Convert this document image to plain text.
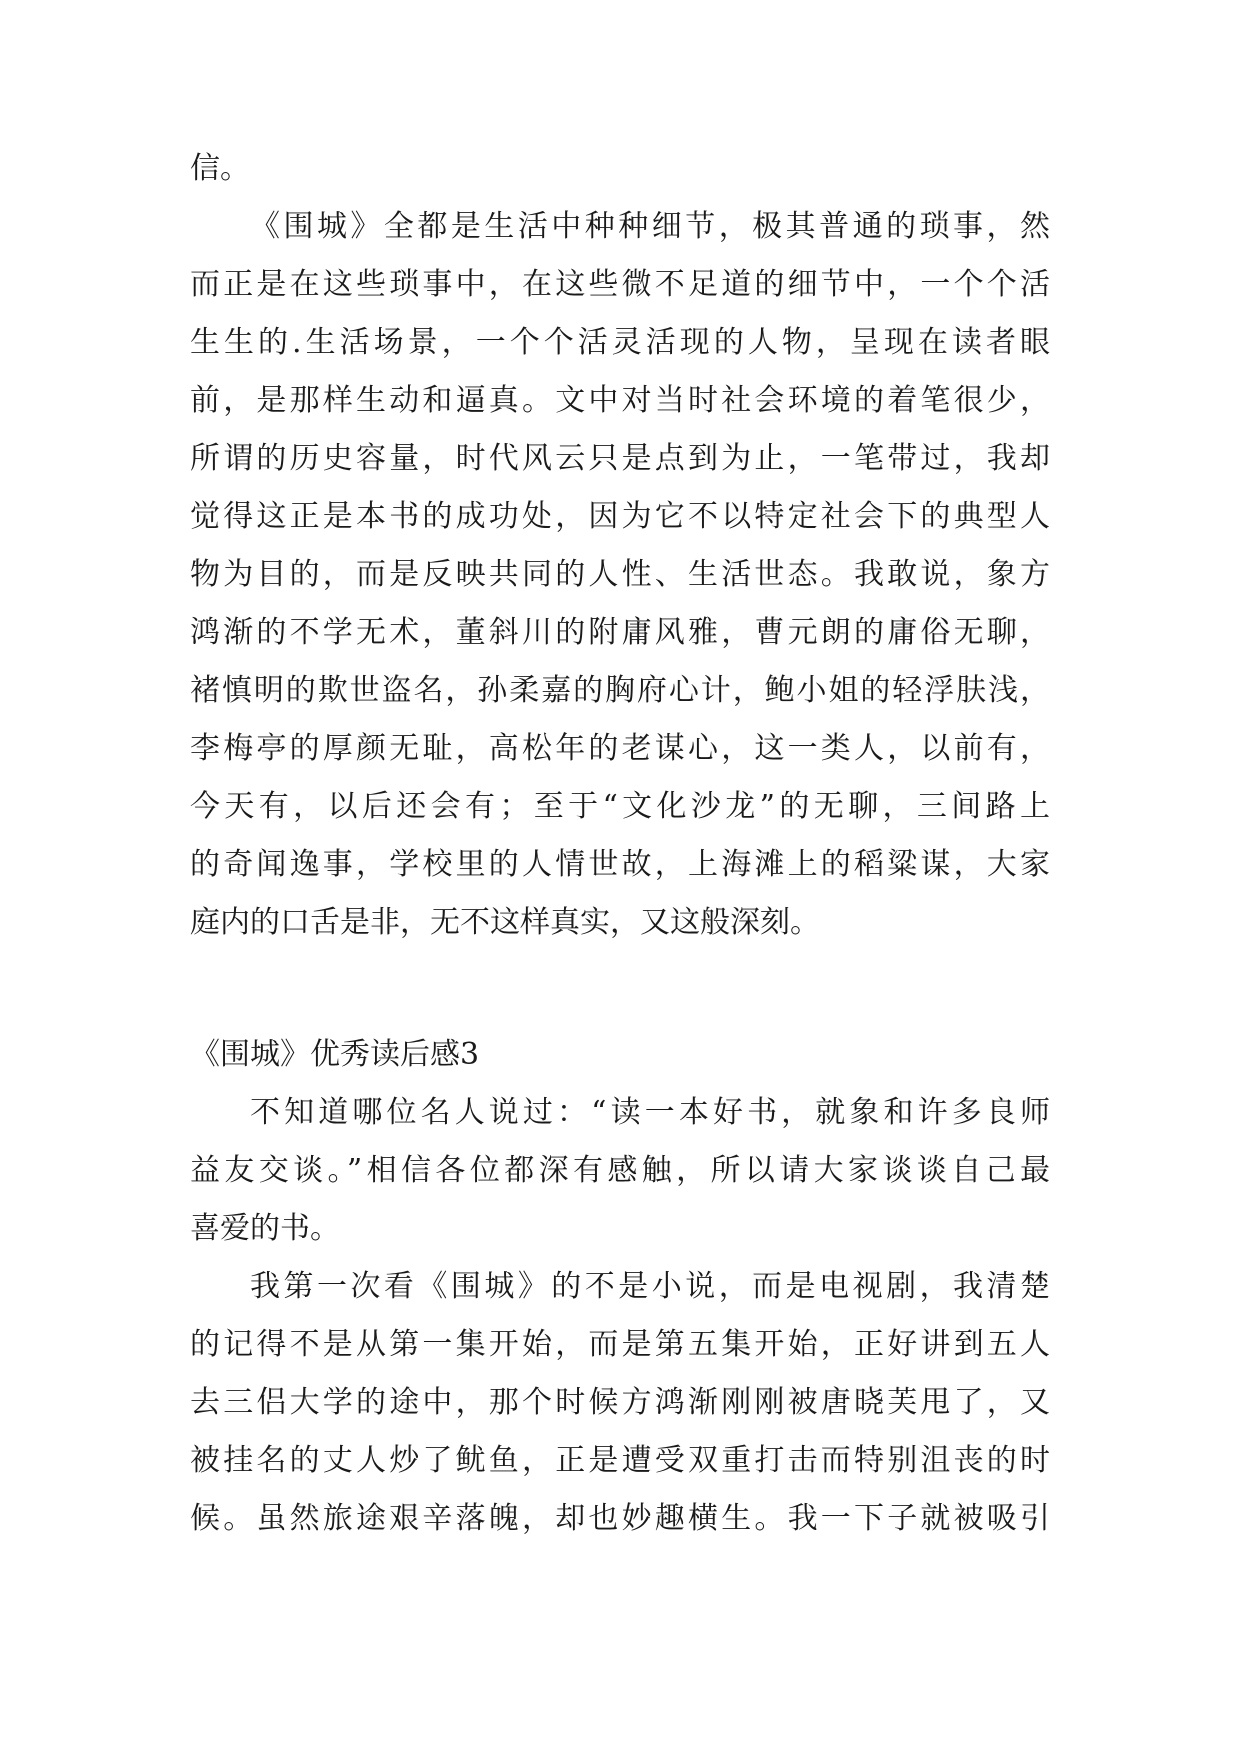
信。

《围城》全都是生活中种种细节，极其普通的琐事，然

而正是在这些琐事中，在这些微不足道的细节中，一个个活

生生的.生活场景，一个个活灵活现的人物，呈现在读者眼

前，是那样生动和逼真。文中对当时社会环境的着笔很少，

所谓的历史容量，时代风云只是点到为止，一笔带过，我却

觉得这正是本书的成功处，因为它不以特定社会下的典型人

物为目的，而是反映共同的人性、生活世态。我敢说，象方

鸿渐的不学无术，董斜川的附庸风雅，曹元朗的庸俗无聊，

褚慎明的欺世盗名，孙柔嘉的胸府心计，鲍小姐的轻浮肤浅，

李梅亭的厚颜无耻，高松年的老谋心，这一类人，以前有，

今天有，以后还会有；至于“文化沙龙”的无聊，三间路上

的奇闻逸事，学校里的人情世故，上海滩上的稻粱谋，大家

庭内的口舌是非，无不这样真实，又这般深刻。

《围城》优秀读后感3

不知道哪位名人说过：“读一本好书，就象和许多良师

益友交谈。”相信各位都深有感触，所以请大家谈谈自己最

喜爱的书。

我第一次看《围城》的不是小说，而是电视剧，我清楚

的记得不是从第一集开始，而是第五集开始，正好讲到五人

去三侣大学的途中，那个时候方鸿渐刚刚被唐晓芙甩了，又

被挂名的丈人炒了鱿鱼，正是遭受双重打击而特别沮丧的时

候。虽然旅途艰辛落魄，却也妙趣横生。我一下子就被吸引
